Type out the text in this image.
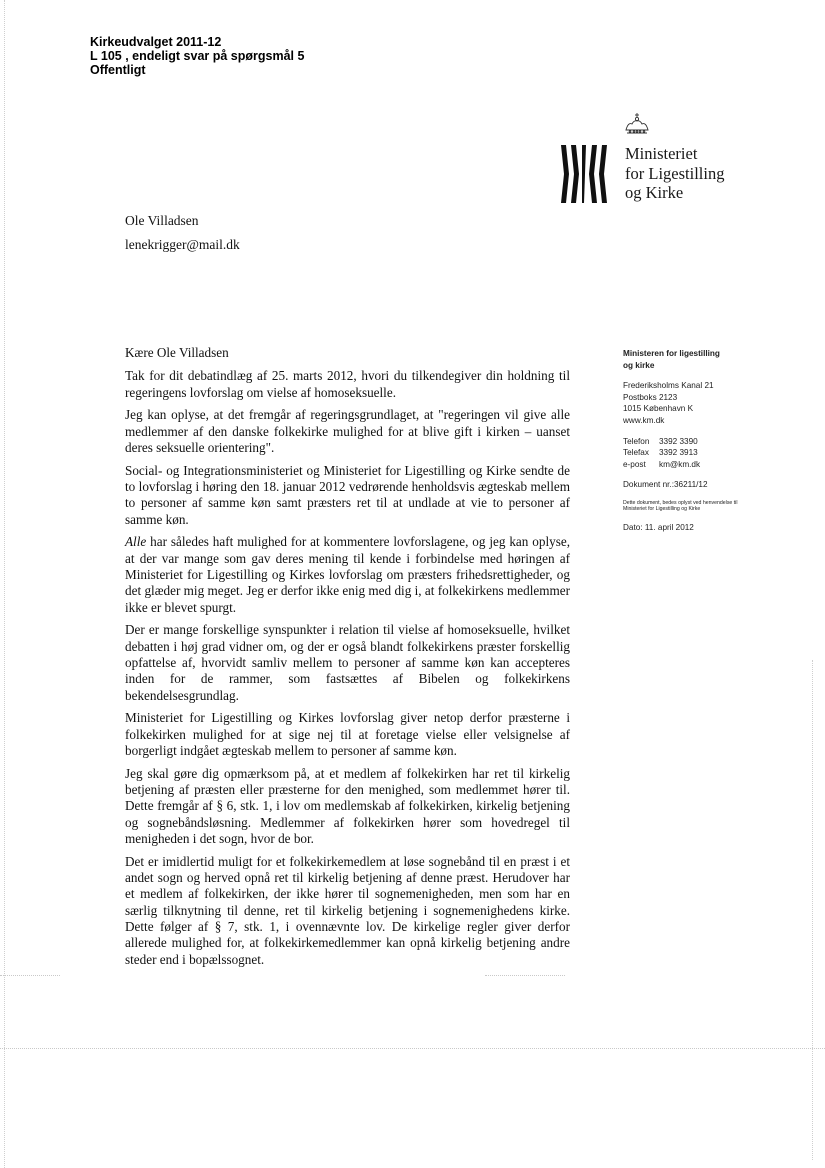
Kirkeudvalget 2011-12
L 105 , endeligt svar på spørgsmål 5
Offentligt
Ministeriet
for Ligestilling
og Kirke
Ole Villadsen
lenekrigger@mail.dk
Ministeren for ligestilling
og kirke
Frederiksholms Kanal 21
Postboks 2123
1015 København K
www.km.dk
Telefon	3392 3390
Telefax	3392 3913
e-post	km@km.dk
Dokument nr.:36211/12
Dette dokument, bedes oplyst ved henvendelse til Ministeriet for Ligestilling og Kirke
Dato: 11. april 2012

Kære Ole Villadsen

Tak for dit debatindlæg af 25. marts 2012, hvori du tilkendegiver din holdning til regeringens lovforslag om vielse af homoseksuelle.

Jeg kan oplyse, at det fremgår af regeringsgrundlaget, at "regeringen vil give alle medlemmer af den danske folkekirke mulighed for at blive gift i kirken – uanset deres seksuelle orientering".

Social- og Integrationsministeriet og Ministeriet for Ligestilling og Kirke sendte de to lovforslag i høring den 18. januar 2012 vedrørende henholdsvis ægteskab mellem to personer af samme køn samt præsters ret til at undlade at vie to personer af samme køn.

Alle har således haft mulighed for at kommentere lovforslagene, og jeg kan oplyse, at der var mange som gav deres mening til kende i forbindelse med høringen af Ministeriet for Ligestilling og Kirkes lovforslag om præsters frihedsrettigheder, og det glæder mig meget. Jeg er derfor ikke enig med dig i, at folkekirkens medlemmer ikke er blevet spurgt.

Der er mange forskellige synspunkter i relation til vielse af homoseksuelle, hvilket debatten i høj grad vidner om, og der er også blandt folkekirkens præster forskellig opfattelse af, hvorvidt samliv mellem to personer af samme køn kan accepteres inden for de rammer, som fastsættes af Bibelen og folkekirkens bekendelsesgrundlag.

Ministeriet for Ligestilling og Kirkes lovforslag giver netop derfor præsterne i folkekirken mulighed for at sige nej til at foretage vielse eller velsignelse af borgerligt indgået ægteskab mellem to personer af samme køn.

Jeg skal gøre dig opmærksom på, at et medlem af folkekirken har ret til kirkelig betjening af præsten eller præsterne for den menighed, som medlemmet hører til. Dette fremgår af § 6, stk. 1, i lov om medlemskab af folkekirken, kirkelig betjening og sognebåndsløsning. Medlemmer af folkekirken hører som hovedregel til menigheden i det sogn, hvor de bor.

Det er imidlertid muligt for et folkekirkemedlem at løse sognebånd til en præst i et andet sogn og herved opnå ret til kirkelig betjening af denne præst. Herudover har et medlem af folkekirken, der ikke hører til sognemenigheden, men som har en særlig tilknytning til denne, ret til kirkelig betjening i sognemenighedens kirke. Dette følger af § 7, stk. 1, i ovennævnte lov. De kirkelige regler giver derfor allerede mulighed for, at folkekirkemedlemmer kan opnå kirkelig betjening andre steder end i bopælssognet.
